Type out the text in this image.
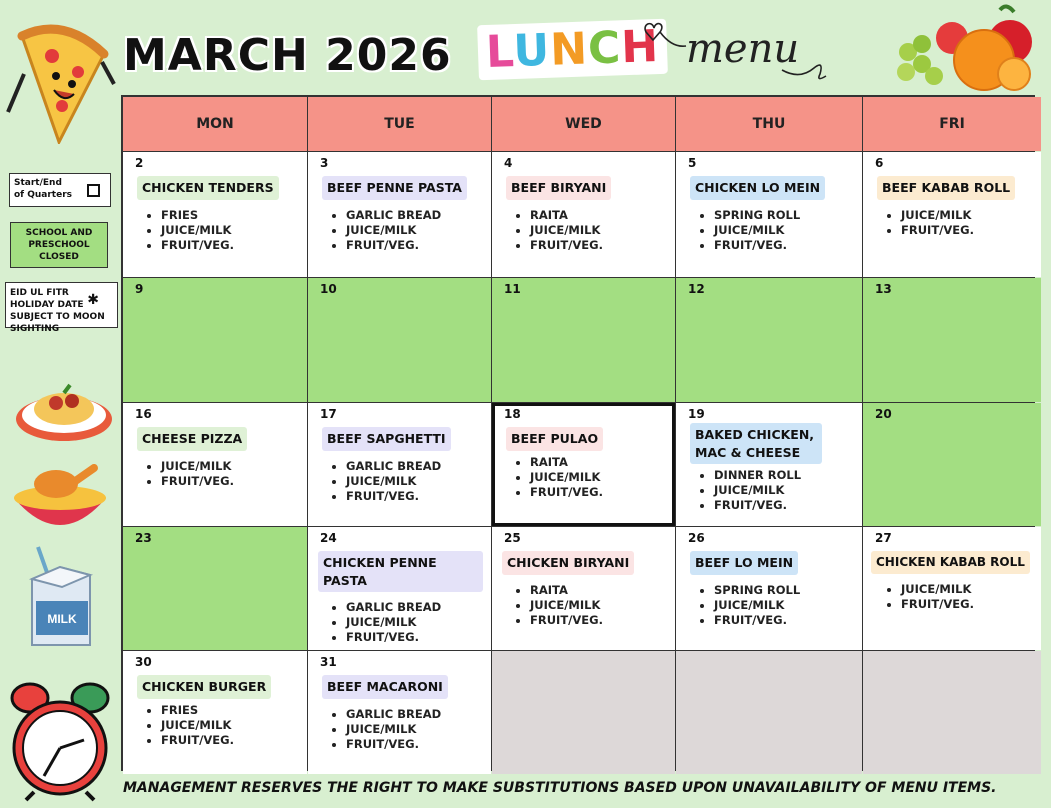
MARCH 2026 LUNCH menu
Start/End of Quarters
SCHOOL AND PRESCHOOL CLOSED
EID UL FITR HOLIDAY DATE SUBJECT TO MOON SIGHTING
✱
MILK
MON	TUE	WED	THU	FRI
2
CHICKEN TENDERS
• FRIES
• JUICE/MILK
• FRUIT/VEG.
3
BEEF PENNE PASTA
• GARLIC BREAD
• JUICE/MILK
• FRUIT/VEG.
4
BEEF BIRYANI
• RAITA
• JUICE/MILK
• FRUIT/VEG.
5
CHICKEN LO MEIN
• SPRING ROLL
• JUICE/MILK
• FRUIT/VEG.
6
BEEF KABAB ROLL
• JUICE/MILK
• FRUIT/VEG.
9	10	11	12	13
16
CHEESE PIZZA
• JUICE/MILK
• FRUIT/VEG.
17
BEEF SAPGHETTI
• GARLIC BREAD
• JUICE/MILK
• FRUIT/VEG.
18
BEEF PULAO
• RAITA
• JUICE/MILK
• FRUIT/VEG.
19
BAKED CHICKEN, MAC & CHEESE
• DINNER ROLL
• JUICE/MILK
• FRUIT/VEG.
20
23	24
CHICKEN PENNE PASTA
• GARLIC BREAD
• JUICE/MILK
• FRUIT/VEG.
25
CHICKEN BIRYANI
• RAITA
• JUICE/MILK
• FRUIT/VEG.
26
BEEF LO MEIN
• SPRING ROLL
• JUICE/MILK
• FRUIT/VEG.
27
CHICKEN KABAB ROLL
• JUICE/MILK
• FRUIT/VEG.
30
CHICKEN BURGER
• FRIES
• JUICE/MILK
• FRUIT/VEG.
31
BEEF MACARONI
• GARLIC BREAD
• JUICE/MILK
• FRUIT/VEG.
MANAGEMENT RESERVES THE RIGHT TO MAKE SUBSTITUTIONS BASED UPON UNAVAILABILITY OF MENU ITEMS.
